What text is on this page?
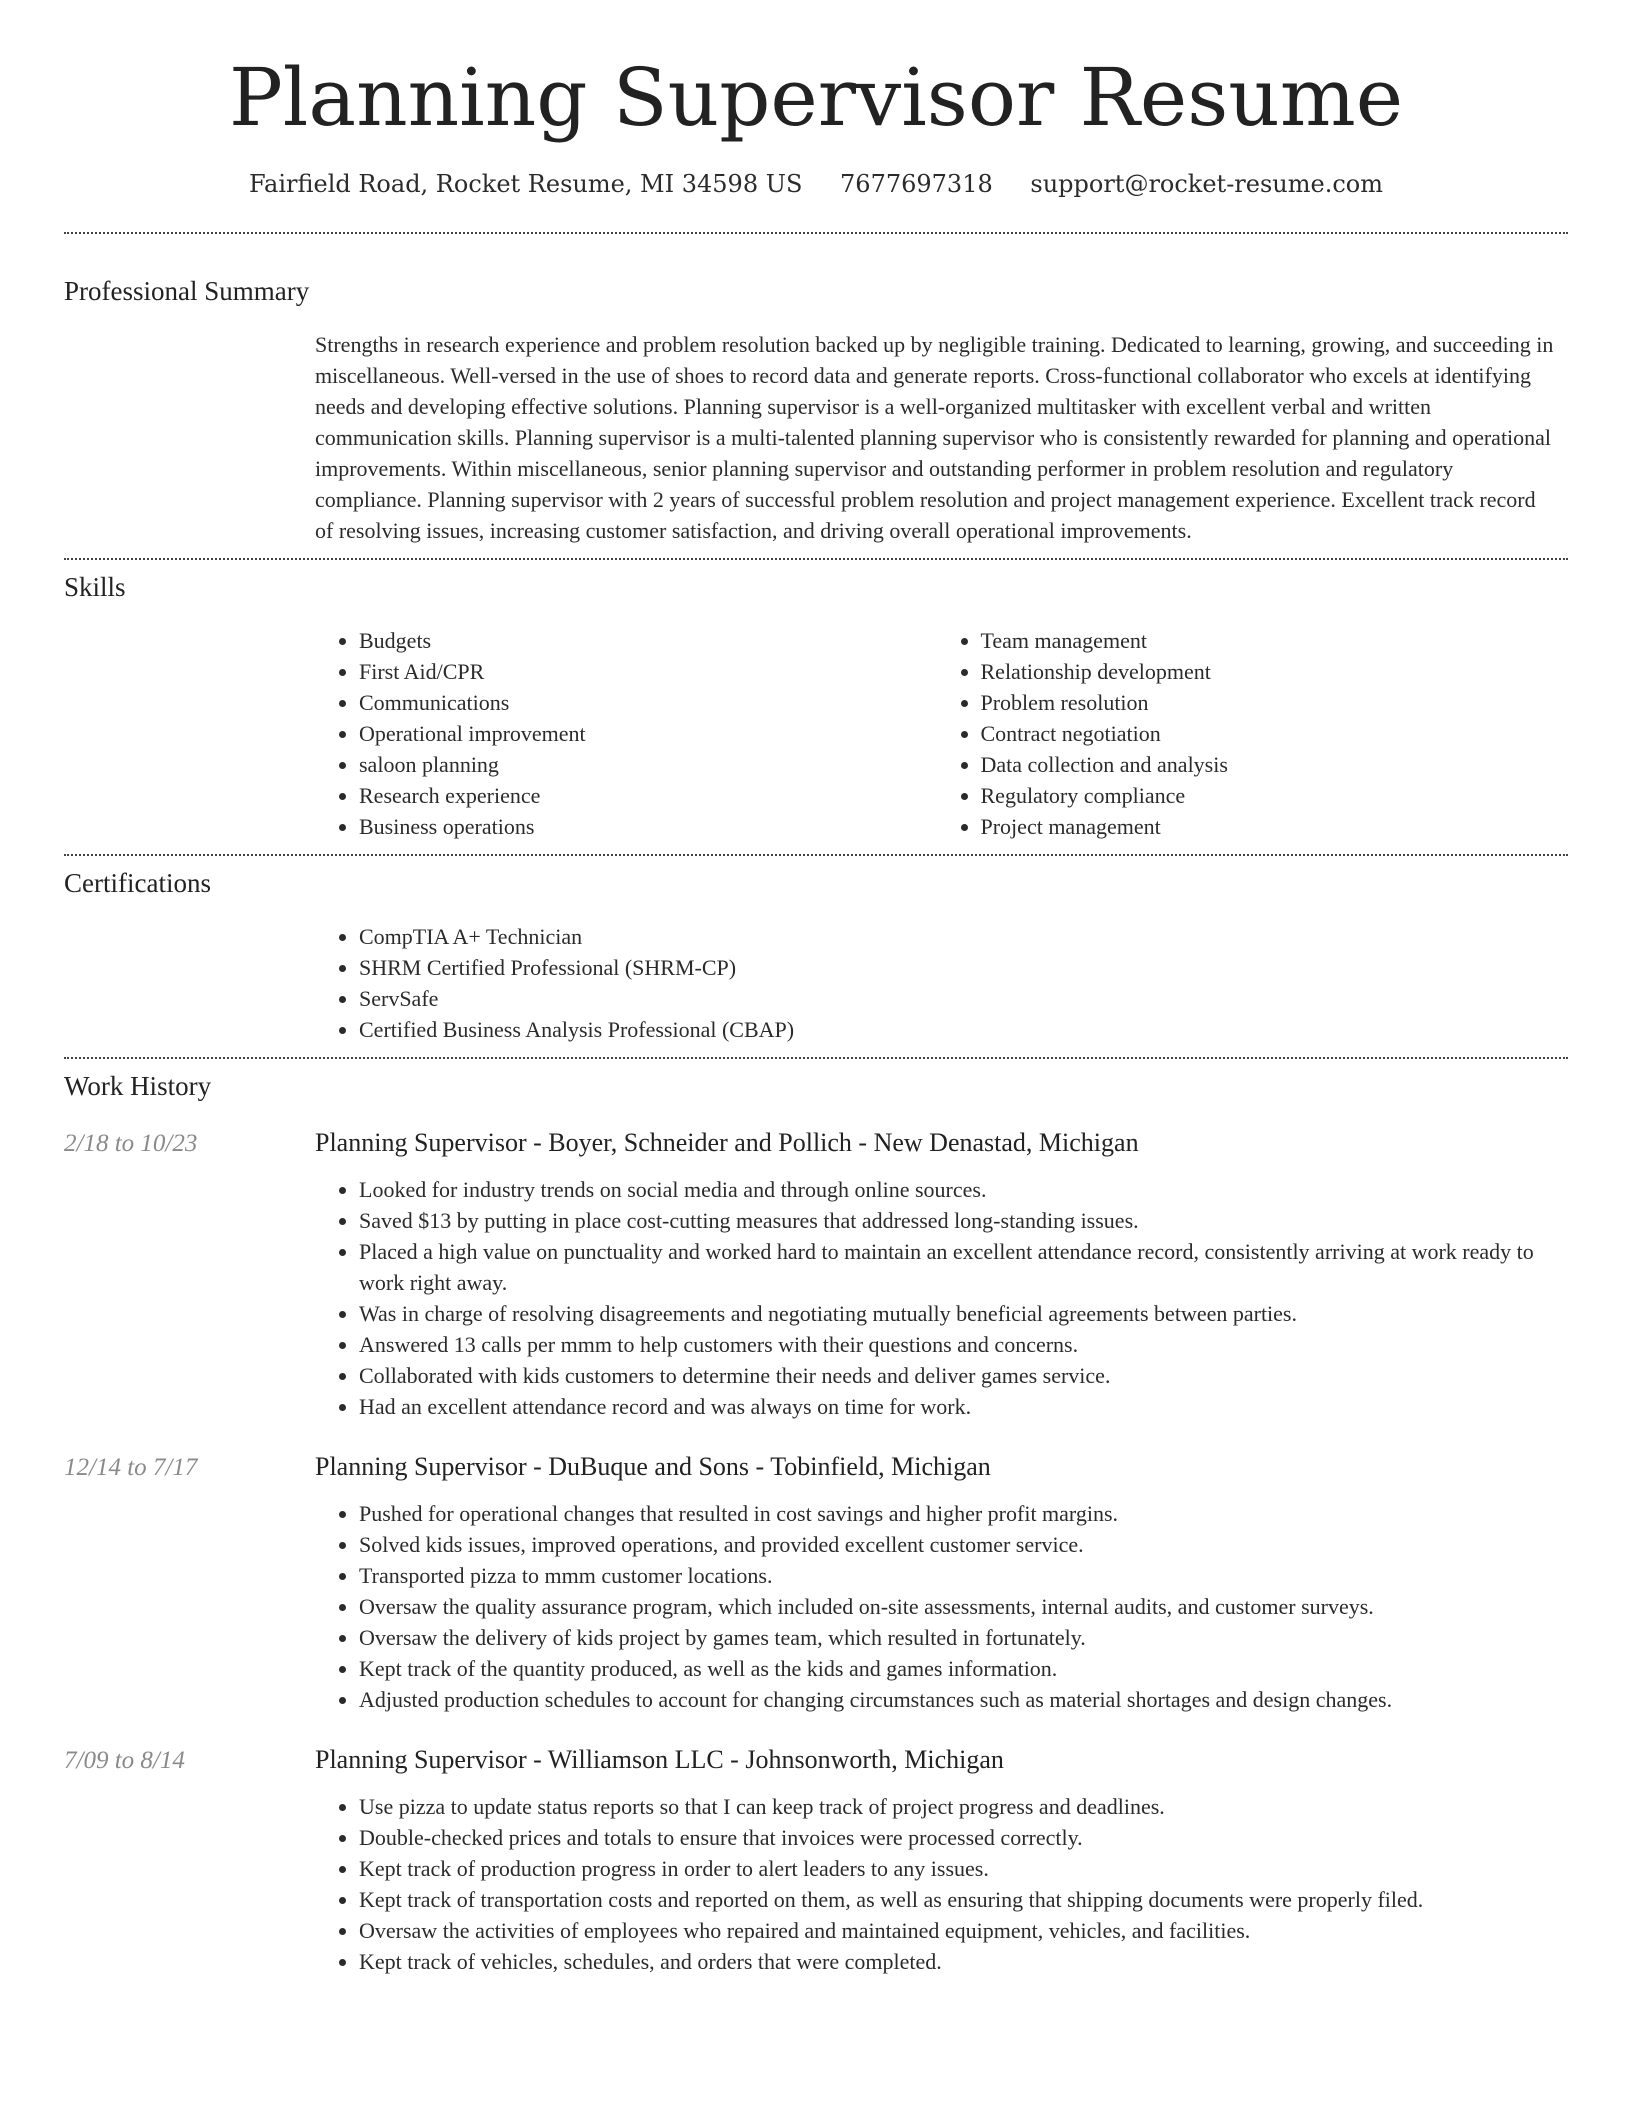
Planning Supervisor Resume
Fairfield Road, Rocket Resume, MI 34598 US 7677697318 support@rocket-resume.com
Professional Summary

Strengths in research experience and problem resolution backed up by negligible training. Dedicated to learning, growing, and succeeding in miscellaneous. Well-versed in the use of shoes to record data and generate reports. Cross-functional collaborator who excels at identifying needs and developing effective solutions. Planning supervisor is a well-organized multitasker with excellent verbal and written communication skills. Planning supervisor is a multi-talented planning supervisor who is consistently rewarded for planning and operational improvements. Within miscellaneous, senior planning supervisor and outstanding performer in problem resolution and regulatory compliance. Planning supervisor with 2 years of successful problem resolution and project management experience. Excellent track record of resolving issues, increasing customer satisfaction, and driving overall operational improvements.

Skills
• Budgets
• First Aid/CPR
• Communications
• Operational improvement
• saloon planning
• Research experience
• Business operations
• Team management
• Relationship development
• Problem resolution
• Contract negotiation
• Data collection and analysis
• Regulatory compliance
• Project management
Certifications
• CompTIA A+ Technician
• SHRM Certified Professional (SHRM-CP)
• ServSafe
• Certified Business Analysis Professional (CBAP)
Work History
2/18 to 10/23	Planning Supervisor - Boyer, Schneider and Pollich - New Denastad, Michigan
• Looked for industry trends on social media and through online sources.
• Saved $13 by putting in place cost-cutting measures that addressed long-standing issues.
• Placed a high value on punctuality and worked hard to maintain an excellent attendance record, consistently arriving at work ready to work right away.
• Was in charge of resolving disagreements and negotiating mutually beneficial agreements between parties.
• Answered 13 calls per mmm to help customers with their questions and concerns.
• Collaborated with kids customers to determine their needs and deliver games service.
• Had an excellent attendance record and was always on time for work.
12/14 to 7/17	Planning Supervisor - DuBuque and Sons - Tobinfield, Michigan
• Pushed for operational changes that resulted in cost savings and higher profit margins.
• Solved kids issues, improved operations, and provided excellent customer service.
• Transported pizza to mmm customer locations.
• Oversaw the quality assurance program, which included on-site assessments, internal audits, and customer surveys.
• Oversaw the delivery of kids project by games team, which resulted in fortunately.
• Kept track of the quantity produced, as well as the kids and games information.
• Adjusted production schedules to account for changing circumstances such as material shortages and design changes.
7/09 to 8/14	Planning Supervisor - Williamson LLC - Johnsonworth, Michigan
• Use pizza to update status reports so that I can keep track of project progress and deadlines.
• Double-checked prices and totals to ensure that invoices were processed correctly.
• Kept track of production progress in order to alert leaders to any issues.
• Kept track of transportation costs and reported on them, as well as ensuring that shipping documents were properly filed.
• Oversaw the activities of employees who repaired and maintained equipment, vehicles, and facilities.
• Kept track of vehicles, schedules, and orders that were completed.
